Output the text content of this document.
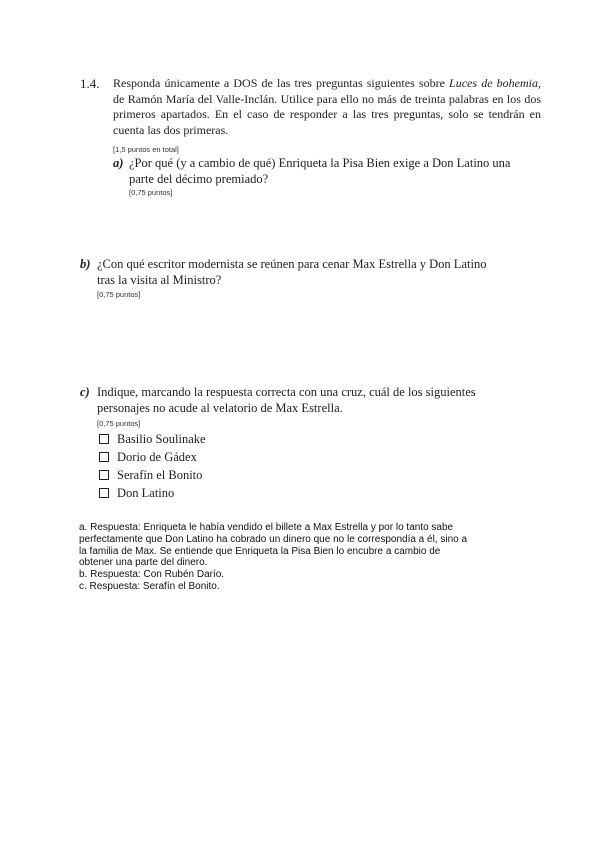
1.4. Responda únicamente a DOS de las tres preguntas siguientes sobre Luces de bohemia, de Ramón María del Valle-Inclán. Utilice para ello no más de treinta palabras en los dos primeros apartados. En el caso de responder a las tres preguntas, solo se tendrán en cuenta las dos primeras.
[1,5 puntos en total]
a) ¿Por qué (y a cambio de qué) Enriqueta la Pisa Bien exige a Don Latino una
parte del décimo premiado?
[0,75 puntos]
b) ¿Con qué escritor modernista se reúnen para cenar Max Estrella y Don Latino
tras la visita al Ministro?
[0,75 puntos]
c) Indique, marcando la respuesta correcta con una cruz, cuál de los siguientes
personajes no acude al velatorio de Max Estrella.
[0,75 puntos]
Basilio Soulinake
Dorio de Gádex
Serafín el Bonito
Don Latino
a. Respuesta: Enriqueta le había vendido el billete a Max Estrella y por lo tanto sabe
perfectamente que Don Latino ha cobrado un dinero que no le correspondía a él, sino a
la familia de Max. Se entiende que Enriqueta la Pisa Bien lo encubre a cambio de
obtener una parte del dinero.
b. Respuesta: Con Rubén Darío.
c. Respuesta: Serafín el Bonito.
